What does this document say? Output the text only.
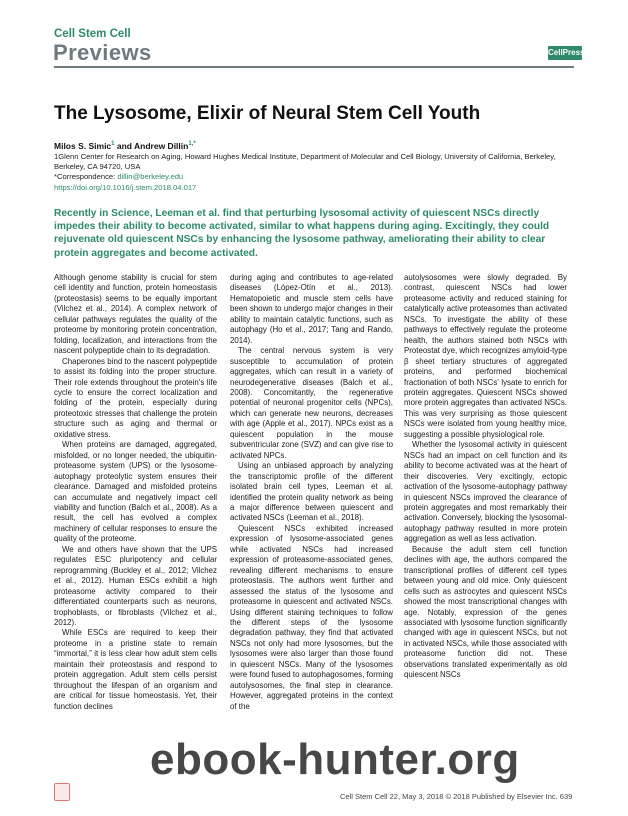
Cell Stem Cell
Previews	CellPress
The Lysosome, Elixir of Neural Stem Cell Youth
Milos S. Simic$^1$ and Andrew Dillin$^{1,*}$
1Glenn Center for Research on Aging, Howard Hughes Medical Institute, Department of Molecular and Cell Biology, University of California, Berkeley, Berkeley, CA 94720, USA
*Correspondence: dillin@berkeley.edu
https://doi.org/10.1016/j.stem.2018.04.017
Recently in Science, Leeman et al. find that perturbing lysosomal activity of quiescent NSCs directly impedes their ability to become activated, similar to what happens during aging. Excitingly, they could rejuvenate old quiescent NSCs by enhancing the lysosome pathway, ameliorating their ability to clear protein aggregates and become activated.

Although genome stability is crucial for stem cell identity and function, protein homeostasis (proteostasis) seems to be equally important (Vilchez et al., 2014). A complex network of cellular pathways regulates the quality of the proteome by monitoring protein concentration, folding, localization, and interactions from the nascent polypeptide chain to its degradation.

Chaperones bind to the nascent polypeptide to assist its folding into the proper structure. Their role extends throughout the protein's life cycle to ensure the correct localization and folding of the protein, especially during proteotoxic stresses that challenge the protein structure such as aging and thermal or oxidative stress.

When proteins are damaged, aggregated, misfolded, or no longer needed, the ubiquitin-proteasome system (UPS) or the lysosome-autophagy proteolytic system ensures their clearance. Damaged and misfolded proteins can accumulate and negatively impact cell viability and function (Balch et al., 2008). As a result, the cell has evolved a complex machinery of cellular responses to ensure the quality of the proteome.

We and others have shown that the UPS regulates ESC pluripotency and cellular reprogramming (Buckley et al., 2012; Vilchez et al., 2012). Human ESCs exhibit a high proteasome activity compared to their differentiated counterparts such as neurons, trophoblasts, or fibroblasts (Vilchez et al., 2012).

While ESCs are required to keep their proteome in a pristine state to remain “immortal,” it is less clear how adult stem cells maintain their proteostasis and respond to protein aggregation. Adult stem cells persist throughout the lifespan of an organism and are critical for tissue homeostasis. Yet, their function declines

during aging and contributes to age-related diseases (López-Otín et al., 2013). Hematopoietic and muscle stem cells have been shown to undergo major changes in their ability to maintain catalytic functions, such as autophagy (Ho et al., 2017; Tang and Rando, 2014).

The central nervous system is very susceptible to accumulation of protein aggregates, which can result in a variety of neurodegenerative diseases (Balch et al., 2008). Concomitantly, the regenerative potential of neuronal progenitor cells (NPCs), which can generate new neurons, decreases with age (Apple et al., 2017). NPCs exist as a quiescent population in the mouse subventricular zone (SVZ) and can give rise to activated NPCs.

Using an unbiased approach by analyzing the transcriptomic profile of the different isolated brain cell types, Leeman et al. identified the protein quality network as being a major difference between quiescent and activated NSCs (Leeman et al., 2018).

Quiescent NSCs exhibited increased expression of lysosome-associated genes while activated NSCs had increased expression of proteasome-associated genes, revealing different mechanisms to ensure proteostasis. The authors went further and assessed the status of the lysosome and proteasome in quiescent and activated NSCs. Using different staining techniques to follow the different steps of the lysosome degradation pathway, they find that activated NSCs not only had more lysosomes, but the lysosomes were also larger than those found in quiescent NSCs. Many of the lysosomes were found fused to autophagosomes, forming autolysosomes, the final step in clearance. However, aggregated proteins in the context of the

autolysosomes were slowly degraded. By contrast, quiescent NSCs had lower proteasome activity and reduced staining for catalytically active proteasomes than activated NSCs. To investigate the ability of these pathways to effectively regulate the proteome health, the authors stained both NSCs with Proteostat dye, which recognizes amyloid-type β sheet tertiary structures of aggregated proteins, and performed biochemical fractionation of both NSCs' lysate to enrich for protein aggregates. Quiescent NSCs showed more protein aggregates than activated NSCs. This was very surprising as those quiescent NSCs were isolated from young healthy mice, suggesting a possible physiological role.

Whether the lysosomal activity in quiescent NSCs had an impact on cell function and its ability to become activated was at the heart of their discoveries. Very excitingly, ectopic activation of the lysosome-autophagy pathway in quiescent NSCs improved the clearance of protein aggregates and most remarkably their activation. Conversely, blocking the lysosomal-autophagy pathway resulted in more protein aggregation as well as less activation.

Because the adult stem cell function declines with age, the authors compared the transcriptional profiles of different cell types between young and old mice. Only quiescent cells such as astrocytes and quiescent NSCs showed the most transcriptional changes with age. Notably, expression of the genes associated with lysosome function significantly changed with age in quiescent NSCs, but not in activated NSCs, while those associated with proteasome function did not. These observations translated experimentally as old quiescent NSCs

Cell Stem Cell 22, May 3, 2018 © 2018 Published by Elsevier Inc. 639
ebook-hunter.org
